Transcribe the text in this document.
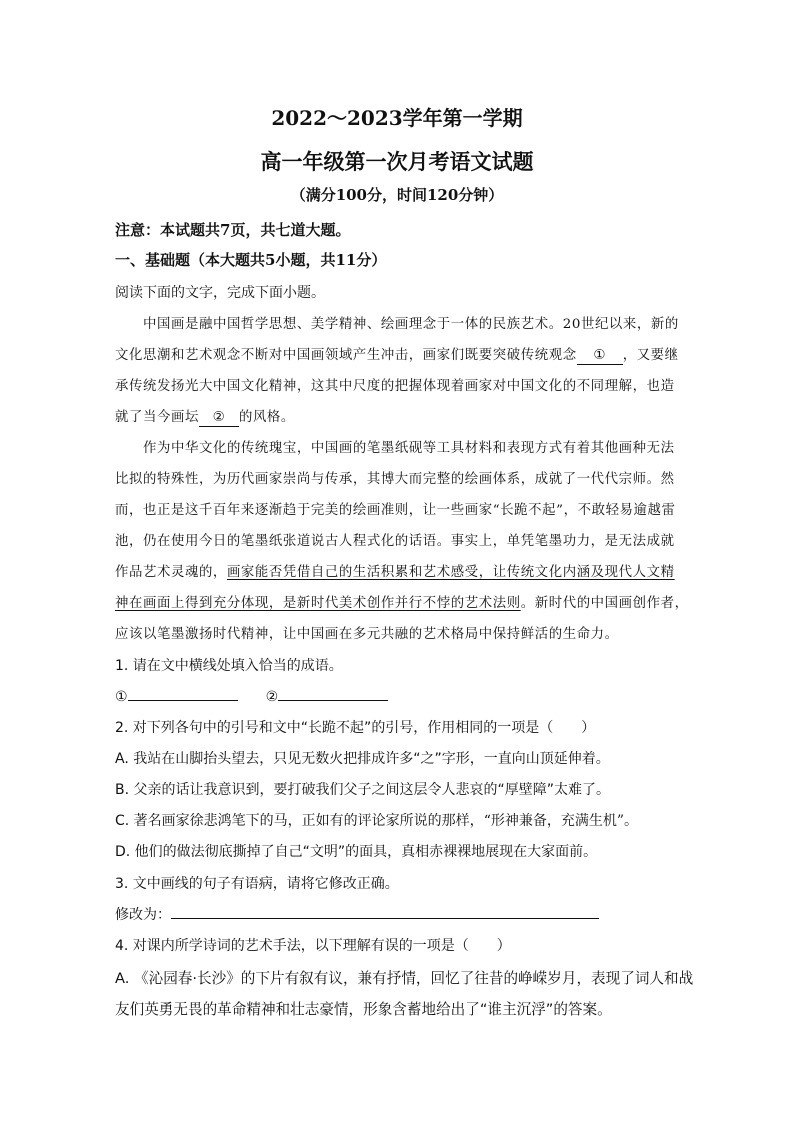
2022～2023学年第一学期
高一年级第一次月考语文试题
（满分100分，时间120分钟）
注意：本试题共7页，共七道大题。
一、基础题（本大题共5小题，共11分）
阅读下面的文字，完成下面小题。
中国画是融中国哲学思想、美学精神、绘画理念于一体的民族艺术。20世纪以来，新的
文化思潮和艺术观念不断对中国画领域产生冲击，画家们既要突破传统观念 ① ，又要继
承传统发扬光大中国文化精神，这其中尺度的把握体现着画家对中国文化的不同理解，也造
就了当今画坛 ② 的风格。
作为中华文化的传统瑰宝，中国画的笔墨纸砚等工具材料和表现方式有着其他画种无法
比拟的特殊性，为历代画家崇尚与传承，其博大而完整的绘画体系，成就了一代代宗师。然
而，也正是这千百年来逐渐趋于完美的绘画准则，让一些画家“长跪不起”，不敢轻易逾越雷
池，仍在使用今日的笔墨纸张道说古人程式化的话语。事实上，单凭笔墨功力，是无法成就
作品艺术灵魂的，画家能否凭借自己的生活积累和艺术感受，让传统文化内涵及现代人文精
神在画面上得到充分体现，是新时代美术创作并行不悖的艺术法则。新时代的中国画创作者，
应该以笔墨激扬时代精神，让中国画在多元共融的艺术格局中保持鲜活的生命力。
1. 请在文中横线处填入恰当的成语。
①	②
2. 对下列各句中的引号和文中“长跪不起”的引号，作用相同的一项是（　　）
A. 我站在山脚抬头望去，只见无数火把排成许多“之”字形，一直向山顶延伸着。
B. 父亲的话让我意识到，要打破我们父子之间这层令人悲哀的“厚壁障”太难了。
C. 著名画家徐悲鸿笔下的马，正如有的评论家所说的那样，“形神兼备，充满生机”。
D. 他们的做法彻底撕掉了自己“文明”的面具，真相赤裸裸地展现在大家面前。
3. 文中画线的句子有语病，请将它修改正确。
修改为：
4. 对课内所学诗词的艺术手法，以下理解有误的一项是（　　）
A. 《沁园春·长沙》的下片有叙有议，兼有抒情，回忆了往昔的峥嵘岁月，表现了词人和战
友们英勇无畏的革命精神和壮志豪情，形象含蓄地给出了“谁主沉浮”的答案。
